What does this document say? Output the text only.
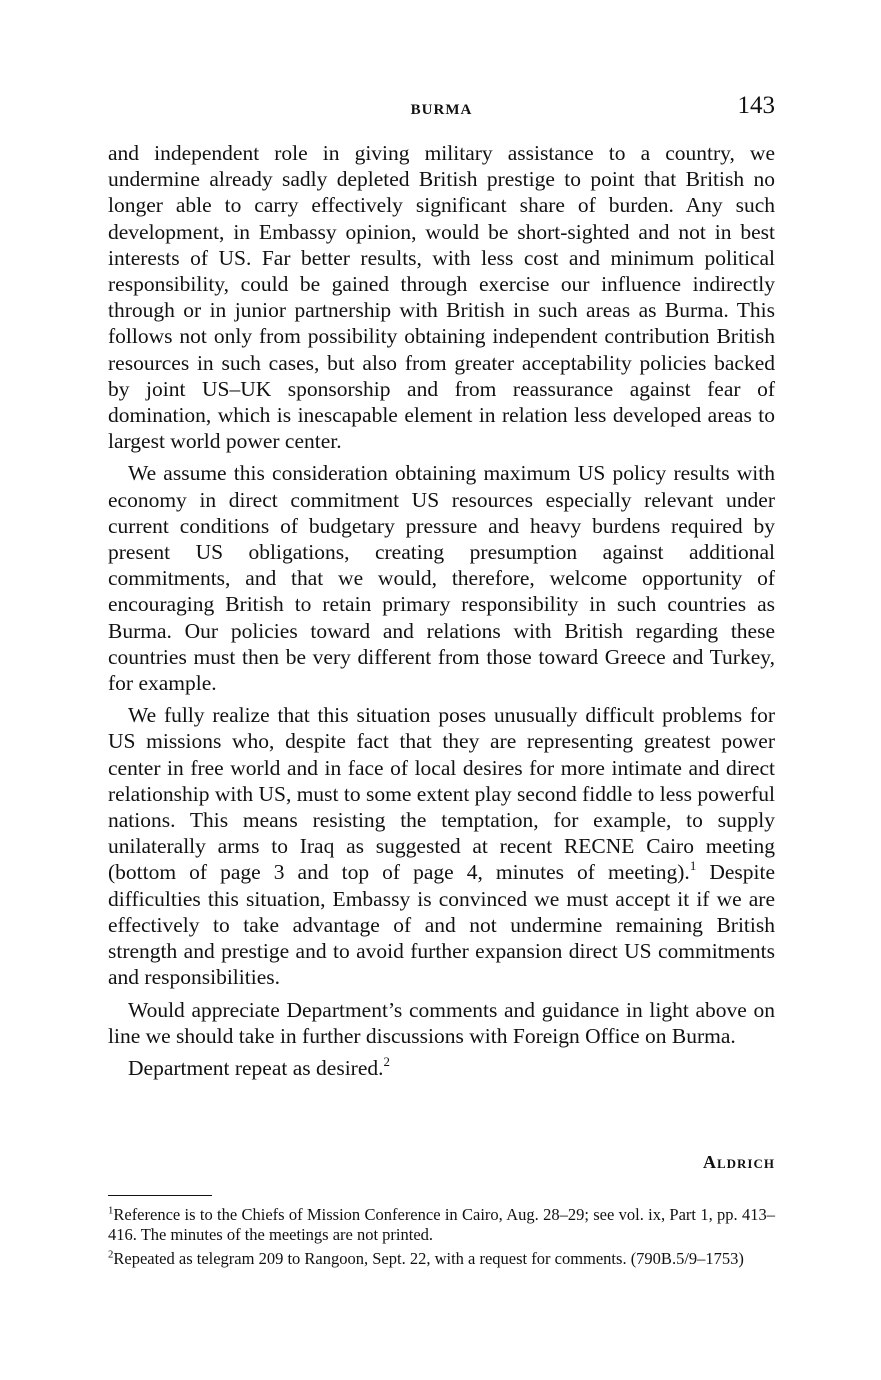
BURMA	143

and independent role in giving military assistance to a country, we undermine already sadly depleted British prestige to point that British no longer able to carry effectively significant share of burden. Any such development, in Embassy opinion, would be short-sighted and not in best interests of US. Far better results, with less cost and minimum political responsibility, could be gained through exercise our influence indirectly through or in junior partnership with British in such areas as Burma. This follows not only from possibility obtaining independent contribution British resources in such cases, but also from greater acceptability policies backed by joint US–UK sponsorship and from reassurance against fear of domination, which is inescapable element in relation less developed areas to largest world power center.

We assume this consideration obtaining maximum US policy results with economy in direct commitment US resources especially relevant under current conditions of budgetary pressure and heavy burdens required by present US obligations, creating presumption against additional commitments, and that we would, therefore, welcome opportunity of encouraging British to retain primary responsibility in such countries as Burma. Our policies toward and relations with British regarding these countries must then be very different from those toward Greece and Turkey, for example.

We fully realize that this situation poses unusually difficult problems for US missions who, despite fact that they are representing greatest power center in free world and in face of local desires for more intimate and direct relationship with US, must to some extent play second fiddle to less powerful nations. This means resisting the temptation, for example, to supply unilaterally arms to Iraq as suggested at recent RECNE Cairo meeting (bottom of page 3 and top of page 4, minutes of meeting).$^1$ Despite difficulties this situation, Embassy is convinced we must accept it if we are effectively to take advantage of and not undermine remaining British strength and prestige and to avoid further expansion direct US commitments and responsibilities.

Would appreciate Department’s comments and guidance in light above on line we should take in further discussions with Foreign Office on Burma.

Department repeat as desired.$^2$

Aldrich

$^1$Reference is to the Chiefs of Mission Conference in Cairo, Aug. 28–29; see vol. ix, Part 1, pp. 413–416. The minutes of the meetings are not printed.

$^2$Repeated as telegram 209 to Rangoon, Sept. 22, with a request for comments. (790B.5/9–1753)
